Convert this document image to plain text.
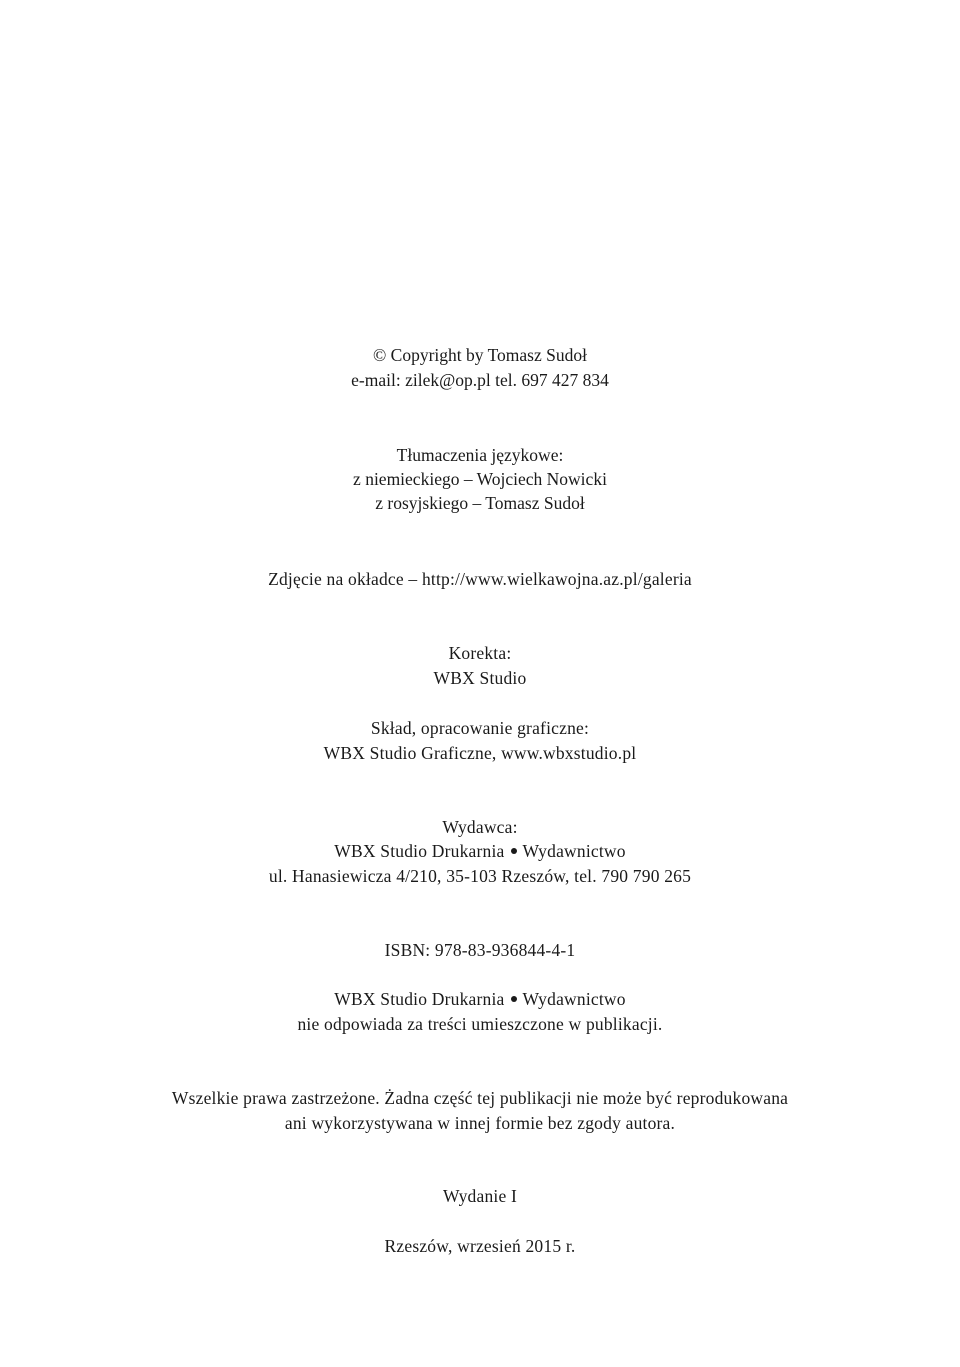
© Copyright by Tomasz Sudoł
e-mail: zilek@op.pl tel. 697 427 834
Tłumaczenia językowe:
z niemieckiego – Wojciech Nowicki
z rosyjskiego – Tomasz Sudoł
Zdjęcie na okładce – http://www.wielkawojna.az.pl/galeria
Korekta:
WBX Studio
Skład, opracowanie graficzne:
WBX Studio Graficzne, www.wbxstudio.pl
Wydawca:
WBX Studio Drukarnia Wydawnictwo
ul. Hanasiewicza 4/210, 35-103 Rzeszów, tel. 790 790 265
ISBN: 978-83-936844-4-1
WBX Studio Drukarnia Wydawnictwo
nie odpowiada za treści umieszczone w publikacji.
Wszelkie prawa zastrzeżone. Żadna część tej publikacji nie może być reprodukowana
ani wykorzystywana w innej formie bez zgody autora.
Wydanie I
Rzeszów, wrzesień 2015 r.
